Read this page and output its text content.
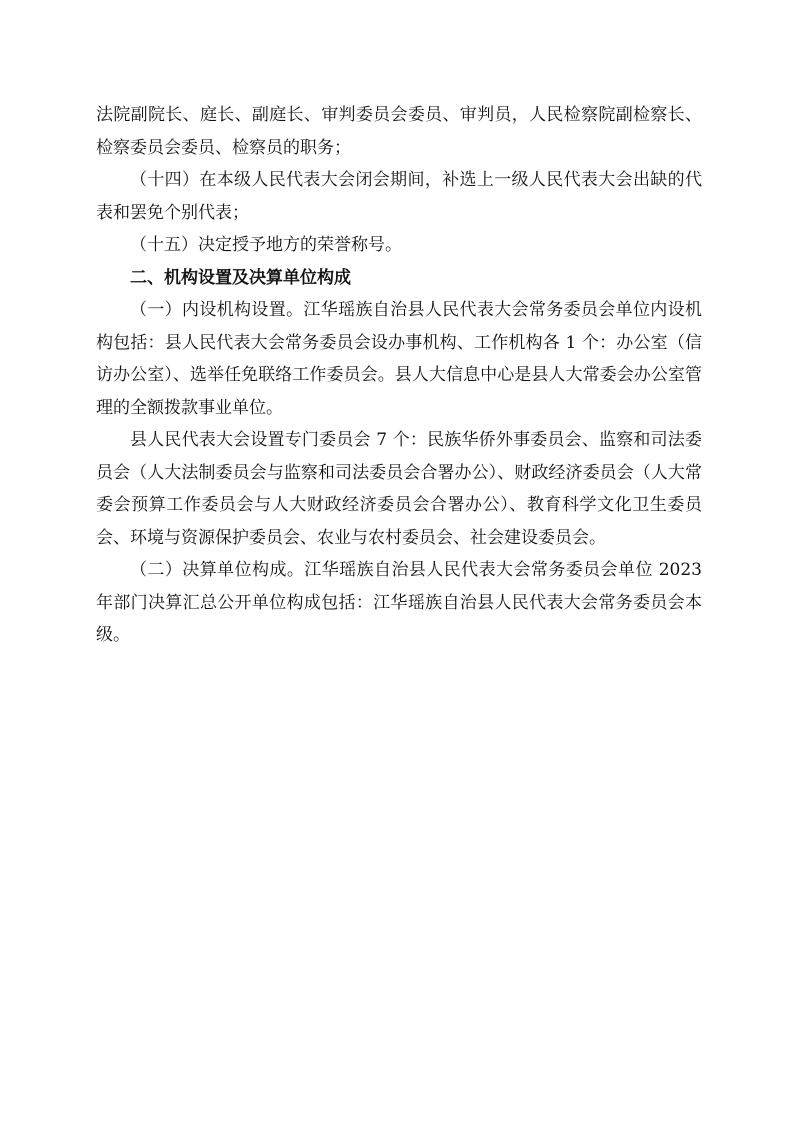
法院副院长、庭长、副庭长、审判委员会委员、审判员，人民检察院副检察长、检察委员会委员、检察员的职务；

（十四）在本级人民代表大会闭会期间，补选上一级人民代表大会出缺的代表和罢免个别代表；

（十五）决定授予地方的荣誉称号。

二、机构设置及决算单位构成

（一）内设机构设置。江华瑶族自治县人民代表大会常务委员会单位内设机构包括：县人民代表大会常务委员会设办事机构、工作机构各 1 个：办公室（信访办公室）、选举任免联络工作委员会。县人大信息中心是县人大常委会办公室管理的全额拨款事业单位。

县人民代表大会设置专门委员会 7 个：民族华侨外事委员会、监察和司法委员会（人大法制委员会与监察和司法委员会合署办公）、财政经济委员会（人大常委会预算工作委员会与人大财政经济委员会合署办公）、教育科学文化卫生委员会、环境与资源保护委员会、农业与农村委员会、社会建设委员会。

（二）决算单位构成。江华瑶族自治县人民代表大会常务委员会单位 2023 年部门决算汇总公开单位构成包括：江华瑶族自治县人民代表大会常务委员会本级。
